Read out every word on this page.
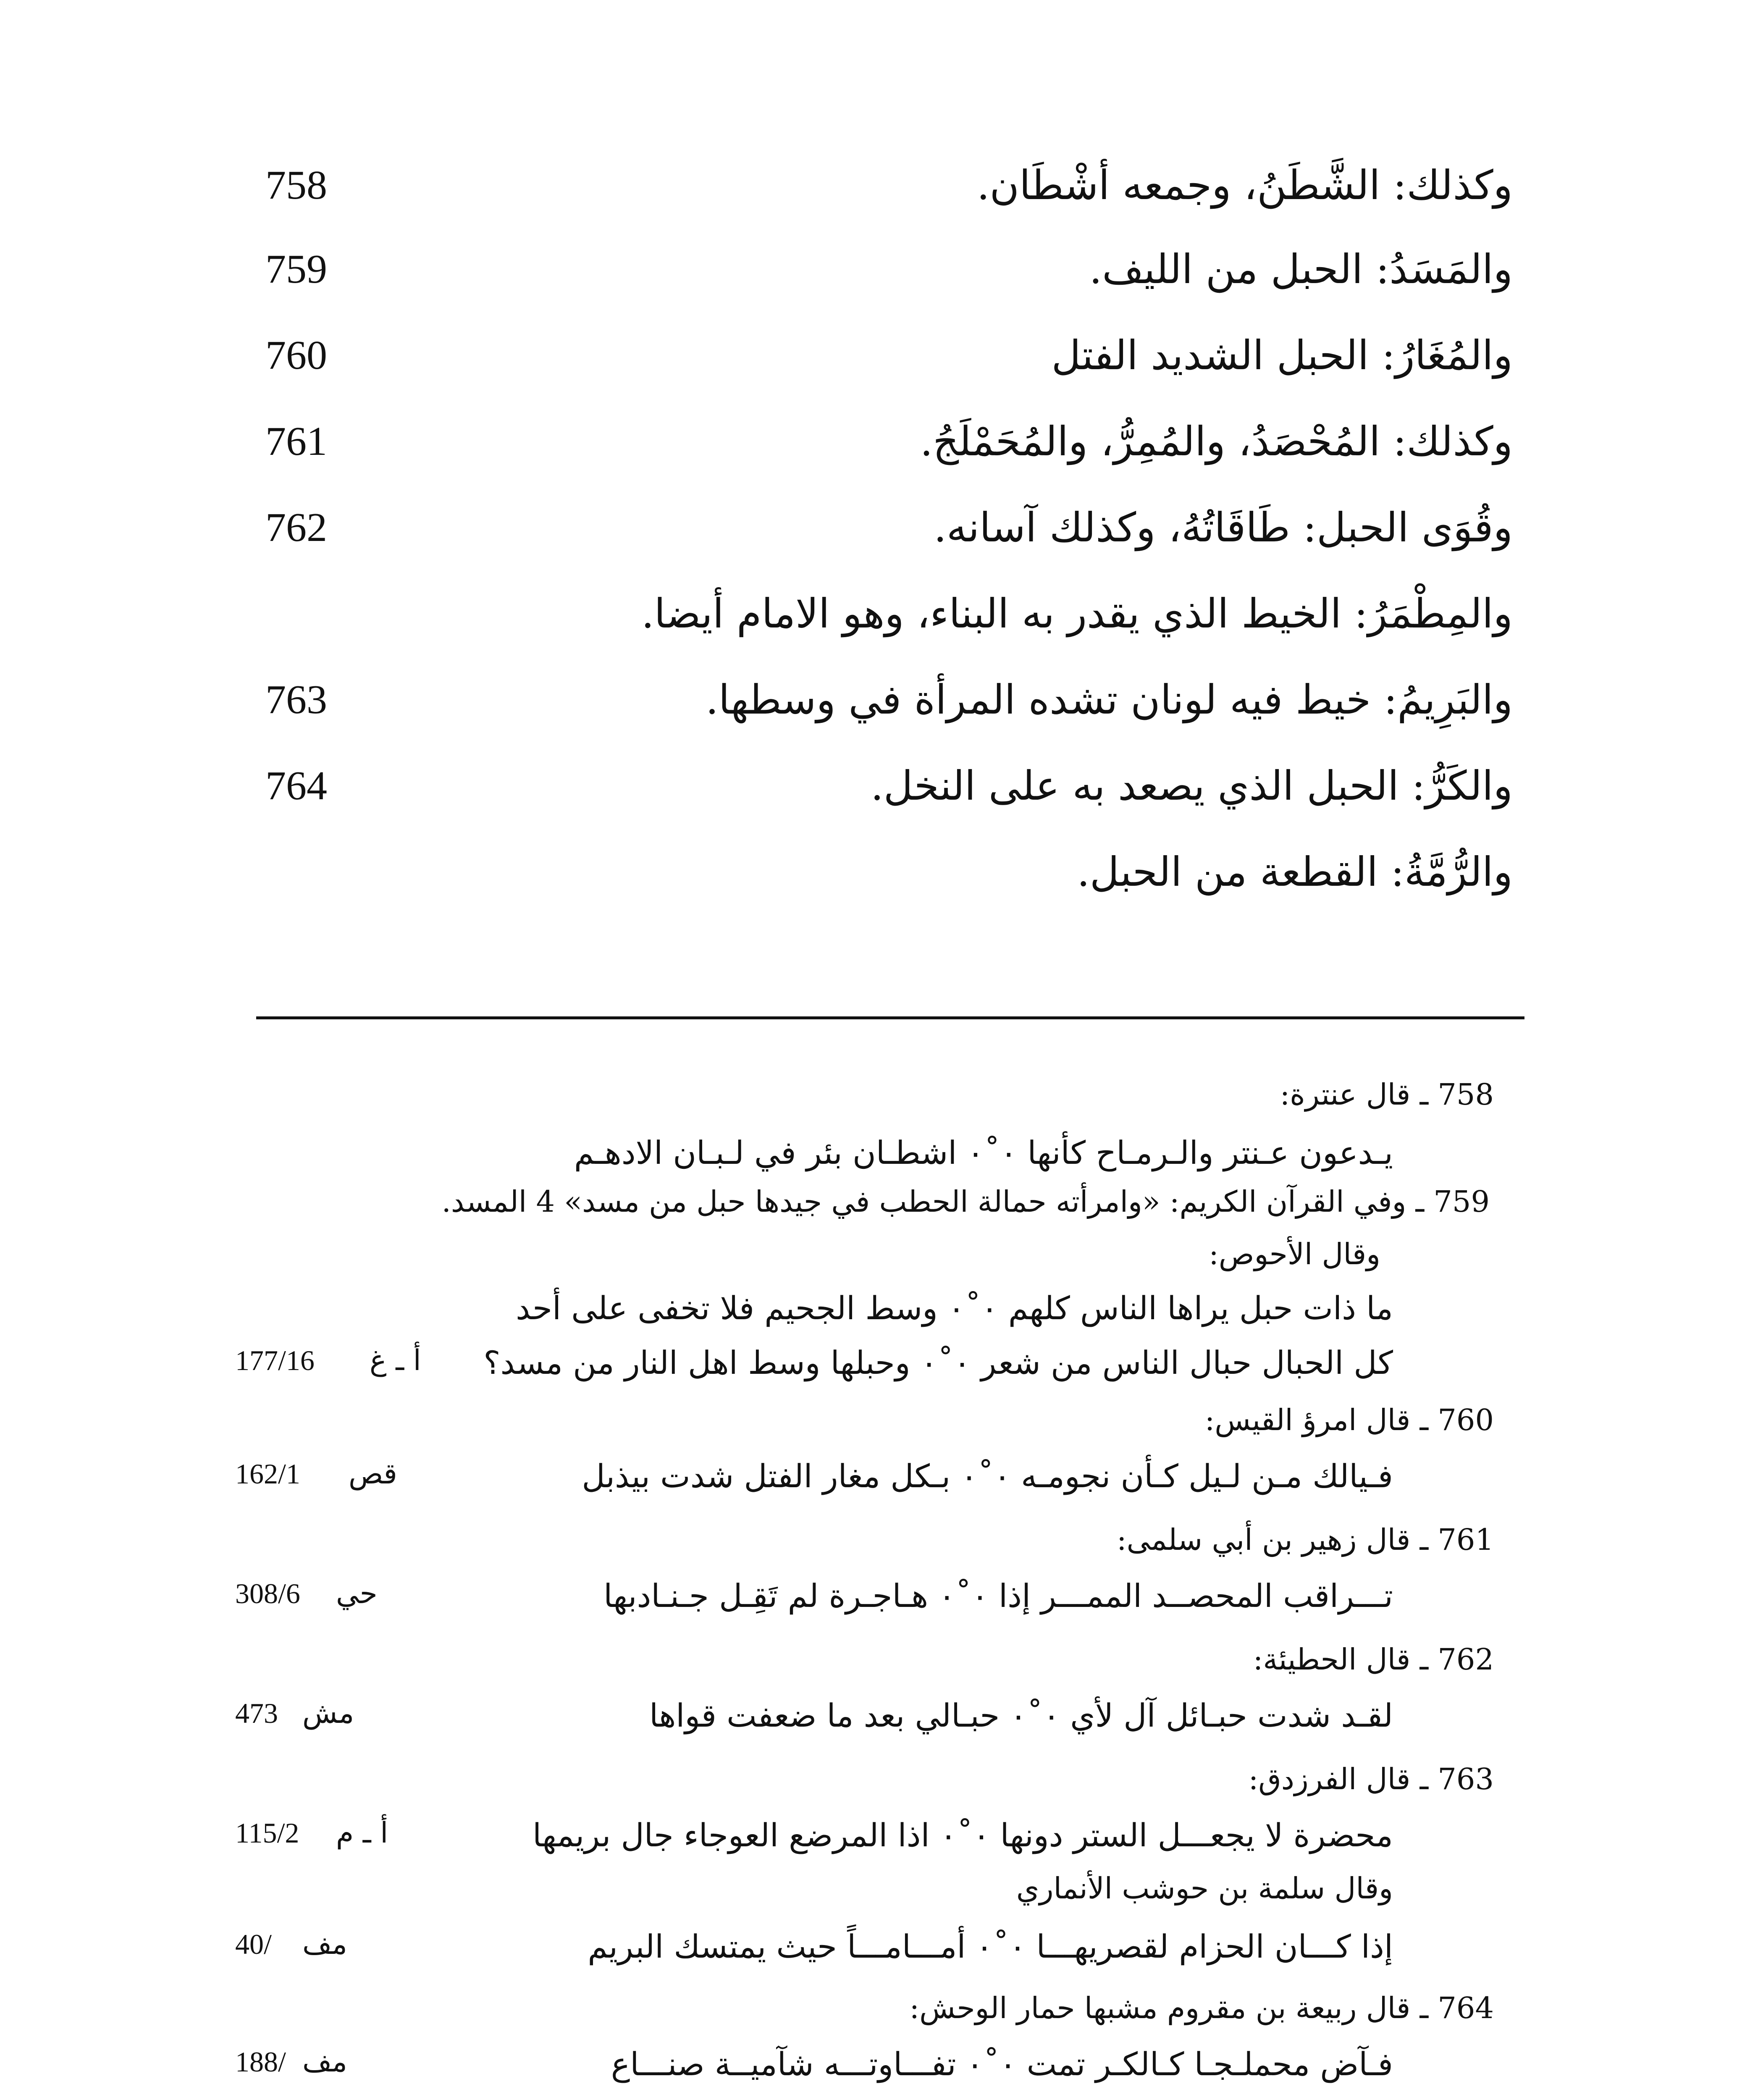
وكذلك: الشَّطَنُ، وجمعه أشْطَان.
758
والمَسَدُ: الحبل من الليف.
759
والمُغَارُ: الحبل الشديد الفتل
760
وكذلك: المُحْصَدُ، والمُمِرُّ، والمُحَمْلَجُ.
761
وقُوَى الحبل: طَاقَاتُهُ، وكذلك آسانه.
762
والمِطْمَرُ: الخيط الذي يقدر به البناء، وهو الامام أيضا.
والبَرِيمُ: خيط فيه لونان تشده المرأة في وسطها.
763
والكَرُّ: الحبل الذي يصعد به على النخل.
764
والرُّمَّةُ: القطعة من الحبل.
758 ـ قال عنترة:
يـدعون عـنتر والـرمـاح كأنها ٠˚٠ اشطـان بئر في لـبـان الادهـم
759 ـ وفي القرآن الكريم: «وامرأته حمالة الحطب في جيدها حبل من مسد» 4 المسد.
وقال الأحوص:
ما ذات حبل يراها الناس كلهم ٠˚٠ وسط الجحيم فلا تخفى على أحد
كل الحبال حبال الناس من شعر ٠˚٠ وحبلها وسط اهل النار من مسد؟
177/16 أ ـ غ
760 ـ قال امرؤ القيس:
فـيالك مـن لـيل كـأن نجومـه ٠˚٠ بـكل مغار الفتل شدت بيذبل
162/1 قص
761 ـ قال زهير بن أبي سلمى:
تـــراقب المحصــد الممـــر إذا ٠˚٠ هـاجـرة لم تَقِـل جـنـادبها
308/6 حي
762 ـ قال الحطيئة:
لقـد شدت حبـائل آل لأي ٠˚٠ حبـالي بعد ما ضعفت قواها
473 مش
763 ـ قال الفرزدق:
محضرة لا يجعـــل الستر دونها ٠˚٠ اذا المرضع العوجاء جال بريمها
115/2 أ ـ م
وقال سلمة بن حوشب الأنماري
إذا كـــان الحزام لقصريهـــا ٠˚٠ أمـــامـــاً حيث يمتسك البريم
40/ مف
764 ـ قال ربيعة بن مقروم مشبها حمار الوحش:
فـآض محملـجـا كـالكـر تمت ٠˚٠ تفـــاوتـــه شآميــة صنـــاع
188/ مف
